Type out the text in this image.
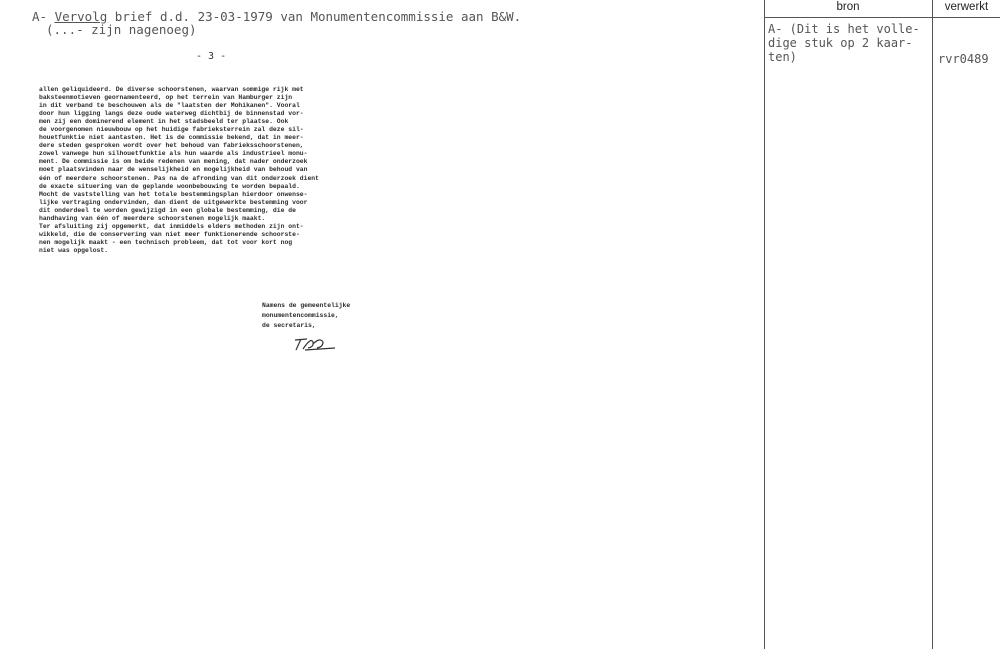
A- Vervolg brief d.d. 23-03-1979 van Monumentencommissie aan B&W.
(...- zijn nagenoeg)
- 3 -
allen geliquideerd. De diverse schoorstenen, waarvan sommige rijk met
baksteenmotieven geornamenteerd, op het terrein van Hamburger zijn
in dit verband te beschouwen als de "laatsten der Mohikanen". Vooral
door hun ligging langs deze oude waterweg dichtbij de binnenstad vor-
men zij een dominerend element in het stadsbeeld ter plaatse. Ook
de voorgenomen nieuwbouw op het huidige fabrieksterrein zal deze sil-
houetfunktie niet aantasten. Het is de commissie bekend, dat in meer-
dere steden gesproken wordt over het behoud van fabrieksschoorstenen,
zowel vanwege hun silhouetfunktie als hun waarde als industrieel monu-
ment. De commissie is om beide redenen van mening, dat nader onderzoek
moet plaatsvinden naar de wenselijkheid en mogelijkheid van behoud van
één of meerdere schoorstenen. Pas na de afronding van dit onderzoek dient
de exacte situering van de geplande woonbebouwing te worden bepaald.
Mocht de vaststelling van het totale bestemmingsplan hierdoor onwense-
lijke vertraging ondervinden, dan dient de uitgewerkte bestemming voor
dit onderdeel te worden gewijzigd in een globale bestemming, die de
handhaving van één of meerdere schoorstenen mogelijk maakt.
Ter afsluiting zij opgemerkt, dat inmiddels elders methoden zijn ont-
wikkeld, die de conservering van niet meer funktionerende schoorste-
nen mogelijk maakt - een technisch probleem, dat tot voor kort nog
niet was opgelost.
Namens de gemeentelijke
monumentencommissie,
de secretaris,
bron	verwerkt
A- (Dit is het volle-
dige stuk op 2 kaar-
ten)	rvr0489
